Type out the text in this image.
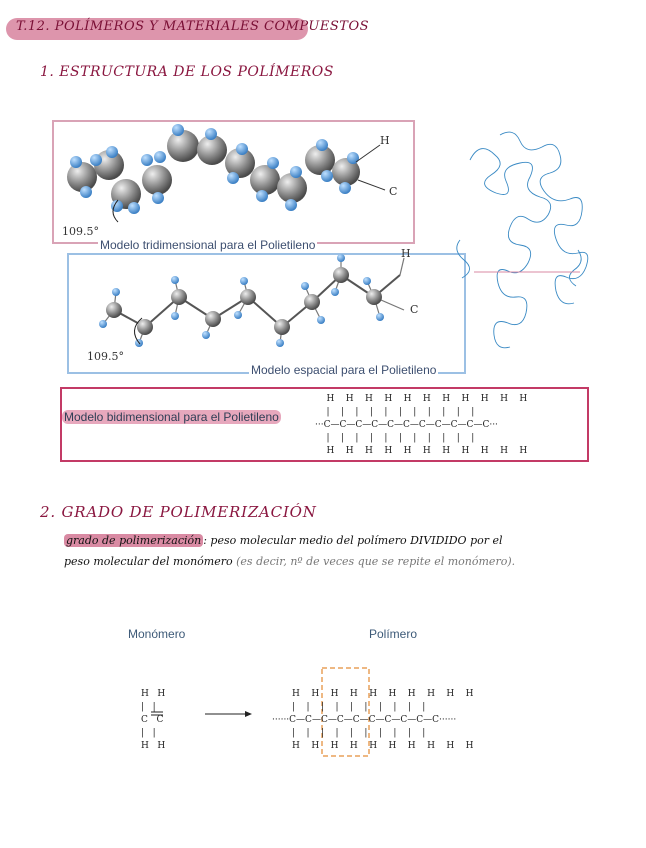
T.12. POLÍMEROS Y MATERIALES COMPUESTOS
1. ESTRUCTURA DE LOS POLÍMEROS
Modelo tridimensional para el Polietileno
109.5°
H
C
Modelo espacial para el Polietileno
109.5°
H
C
Modelo bidimensional para el Polietileno
H    H    H    H    H    H    H    H    H    H    H
|    |    |    |    |    |    |    |    |    |    |
···C—C—C—C—C—C—C—C—C—C—C···
|    |    |    |    |    |    |    |    |    |    |
H    H    H    H    H    H    H    H    H    H    H
2. GRADO DE POLIMERIZACIÓN
grado de polimerización : peso molecular medio del polímero DIVIDIDO por el
peso molecular del monómero (es decir, nº de veces que se repite el monómero).
Monómero	Polímero
H   H
|   |
C   C
|   |
H   H
H    H    H    H    H    H    H    H    H    H
|    |    |    |    |    |    |    |    |    |
······C—C—C—C—C—C—C—C—C—C······
|    |    |    |    |    |    |    |    |    |
H    H    H    H    H    H    H    H    H    H
